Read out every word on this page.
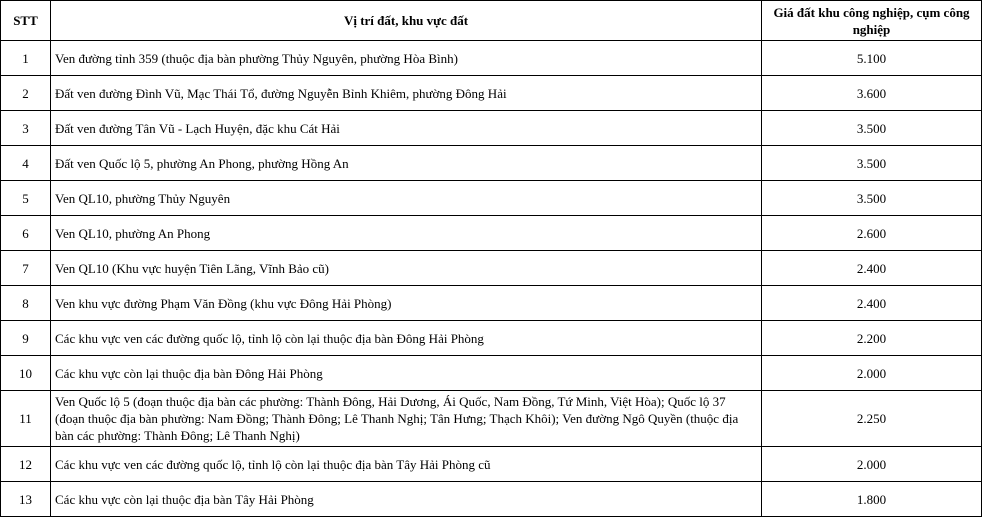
STT	Vị trí đất, khu vực đất	Giá đất khu công nghiệp, cụm công nghiệp
1	Ven đường tỉnh 359 (thuộc địa bàn phường Thủy Nguyên, phường Hòa Bình)	5.100
2	Đất ven đường Đình Vũ, Mạc Thái Tổ, đường Nguyễn Bỉnh Khiêm, phường Đông Hải	3.600
3	Đất ven đường Tân Vũ - Lạch Huyện, đặc khu Cát Hải	3.500
4	Đất ven Quốc lộ 5, phường An Phong, phường Hồng An	3.500
5	Ven QL10, phường Thủy Nguyên	3.500
6	Ven QL10, phường An Phong	2.600
7	Ven QL10 (Khu vực huyện Tiên Lãng, Vĩnh Bảo cũ)	2.400
8	Ven khu vực đường Phạm Văn Đồng (khu vực Đông Hải Phòng)	2.400
9	Các khu vực ven các đường quốc lộ, tỉnh lộ còn lại thuộc địa bàn Đông Hải Phòng	2.200
10	Các khu vực còn lại thuộc địa bàn Đông Hải Phòng	2.000
11	Ven Quốc lộ 5 (đoạn thuộc địa bàn các phường: Thành Đông, Hải Dương, Ái Quốc, Nam Đồng, Tứ Minh, Việt Hòa); Quốc lộ 37 (đoạn thuộc địa bàn phường: Nam Đồng; Thành Đông; Lê Thanh Nghị; Tân Hưng; Thạch Khôi); Ven đường Ngô Quyền (thuộc địa bàn các phường: Thành Đông; Lê Thanh Nghị)	2.250
12	Các khu vực ven các đường quốc lộ, tỉnh lộ còn lại thuộc địa bàn Tây Hải Phòng cũ	2.000
13	Các khu vực còn lại thuộc địa bàn Tây Hải Phòng	1.800
